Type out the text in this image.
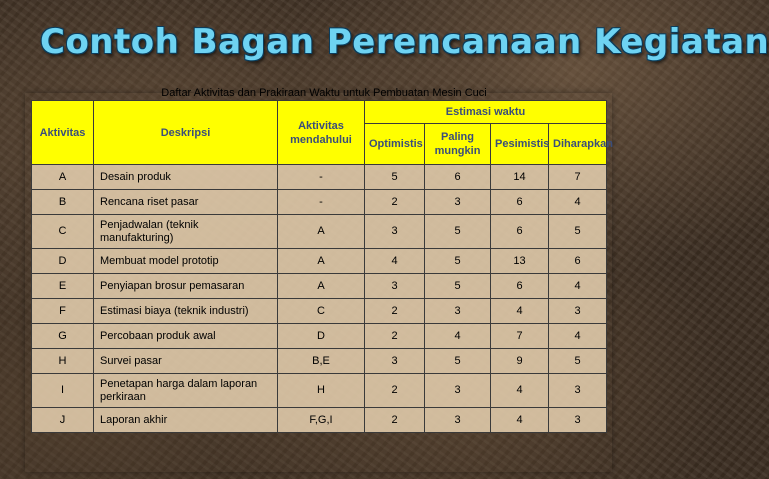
Contoh Bagan Perencanaan Kegiatan
Daftar Aktivitas dan Prakiraan Waktu untuk Pembuatan Mesin Cuci
Aktivitas	Deskripsi	Aktivitas mendahului	Estimasi waktu			
			Optimistis	Paling mungkin	Pesimistis	Diharapkan
A	Desain produk	-	5	6	14	7
B	Rencana riset pasar	-	2	3	6	4
C	Penjadwalan (teknik manufakturing)	A	3	5	6	5
D	Membuat model prototip	A	4	5	13	6
E	Penyiapan brosur pemasaran	A	3	5	6	4
F	Estimasi biaya (teknik industri)	C	2	3	4	3
G	Percobaan produk awal	D	2	4	7	4
H	Survei pasar	B,E	3	5	9	5
I	Penetapan harga dalam laporan perkiraan	H	2	3	4	3
J	Laporan akhir	F,G,I	2	3	4	3
